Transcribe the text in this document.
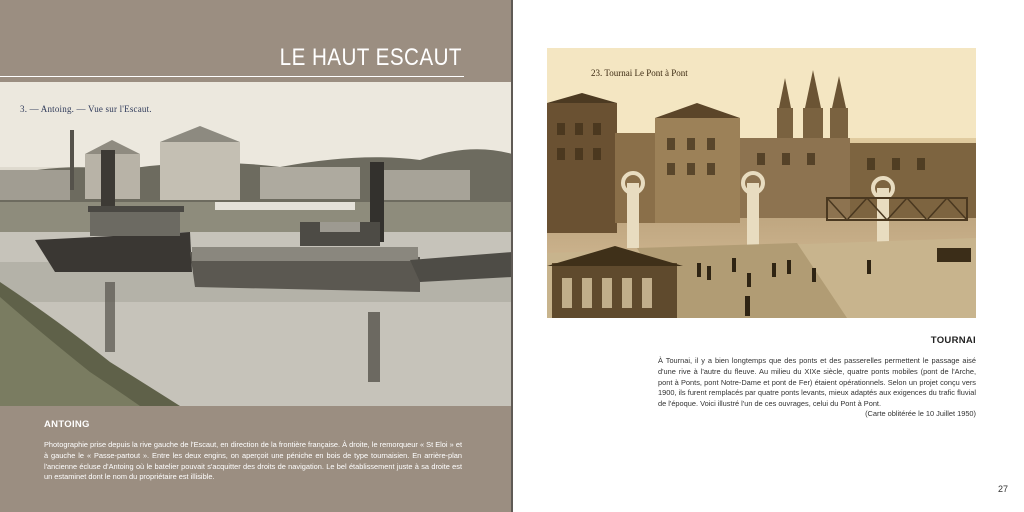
LE HAUT ESCAUT
3. — Antoing. — Vue sur l'Escaut.
ANTOING

Photographie prise depuis la rive gauche de l'Escaut, en direction de la frontière française. À droite, le remorqueur « St Eloi » et à gauche le « Passe-partout ». Entre les deux engins, on aperçoit une péniche en bois de type tournaisien. En arrière-plan l'ancienne écluse d'Antoing où le batelier pouvait s'acquitter des droits de navigation. Le bel établissement juste à sa droite est un estaminet dont le nom du propriétaire est illisible.

23. Tournai Le Pont à Pont
TOURNAI

À Tournai, il y a bien longtemps que des ponts et des passerelles permettent le passage aisé d'une rive à l'autre du fleuve. Au milieu du XIXe siècle, quatre ponts mobiles (pont de l'Arche, pont à Ponts, pont Notre-Dame et pont de Fer) étaient opérationnels. Selon un projet conçu vers 1900, ils furent remplacés par quatre ponts levants, mieux adaptés aux exigences du trafic fluvial de l'époque. Voici illustré l'un de ces ouvrages, celui du Pont à Pont.

(Carte oblitérée le 10 Juillet 1950)

27
